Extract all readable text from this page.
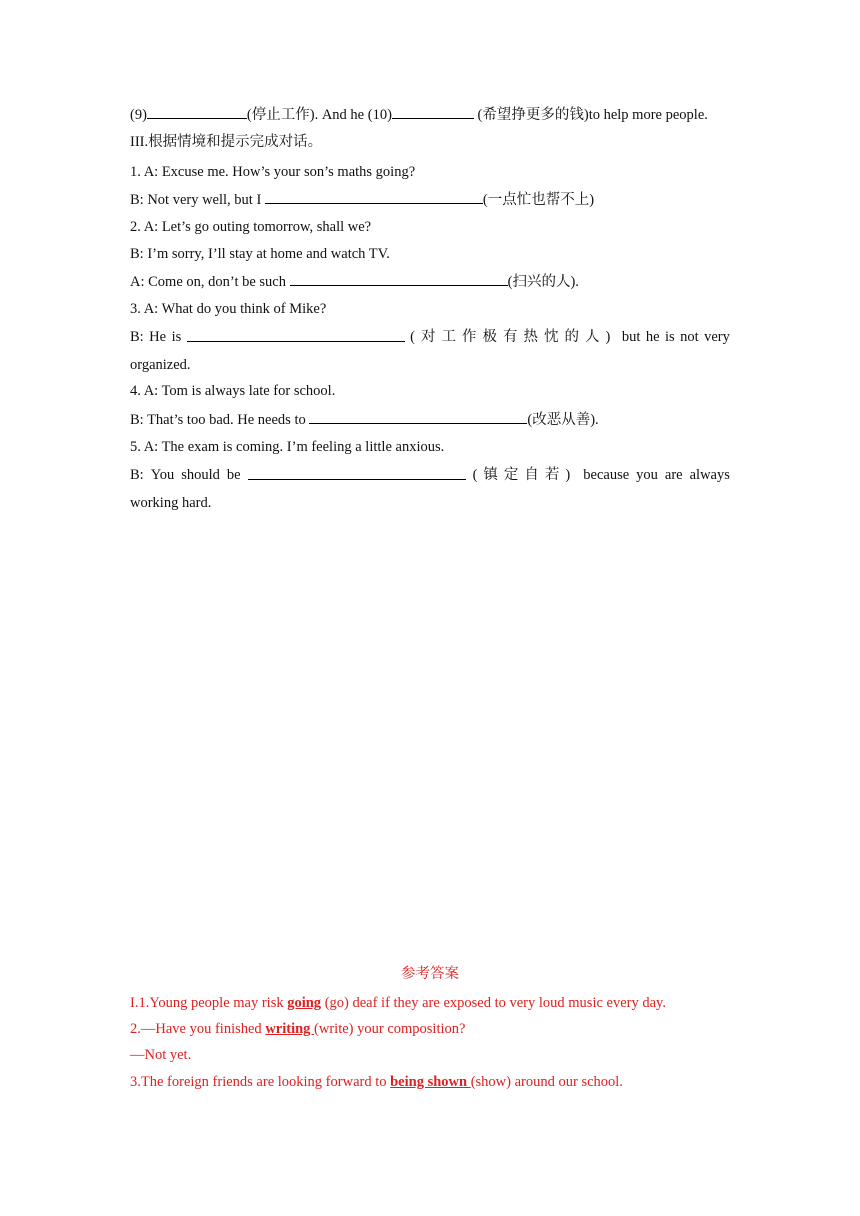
(9)	(停止工作). And he (10)	(希望挣更多的钱)to help more people.
III.根据情境和提示完成对话。
1. A: Excuse me. How’s your son’s maths going?
B: Not very well, but I	(一点忙也帮不上)
2. A: Let’s go outing tomorrow, shall we?
B: I’m sorry, I’ll stay at home and watch TV.
A: Come on, don’t be such	(扫兴的人).
3. A: What do you think of Mike?
B: He is	(对工作极有热忱的人) but he is not very
organized.
4. A: Tom is always late for school.
B: That’s too bad. He needs to	(改恶从善).
5. A: The exam is coming. I’m feeling a little anxious.
B: You should be	(镇定自若) because you are always
working hard.
参考答案
I.1.Young people may risk going (go) deaf if they are exposed to very loud music every day.
2.—Have you finished writing (write) your composition?
—Not yet.
3.The foreign friends are looking forward to being shown (show) around our school.
